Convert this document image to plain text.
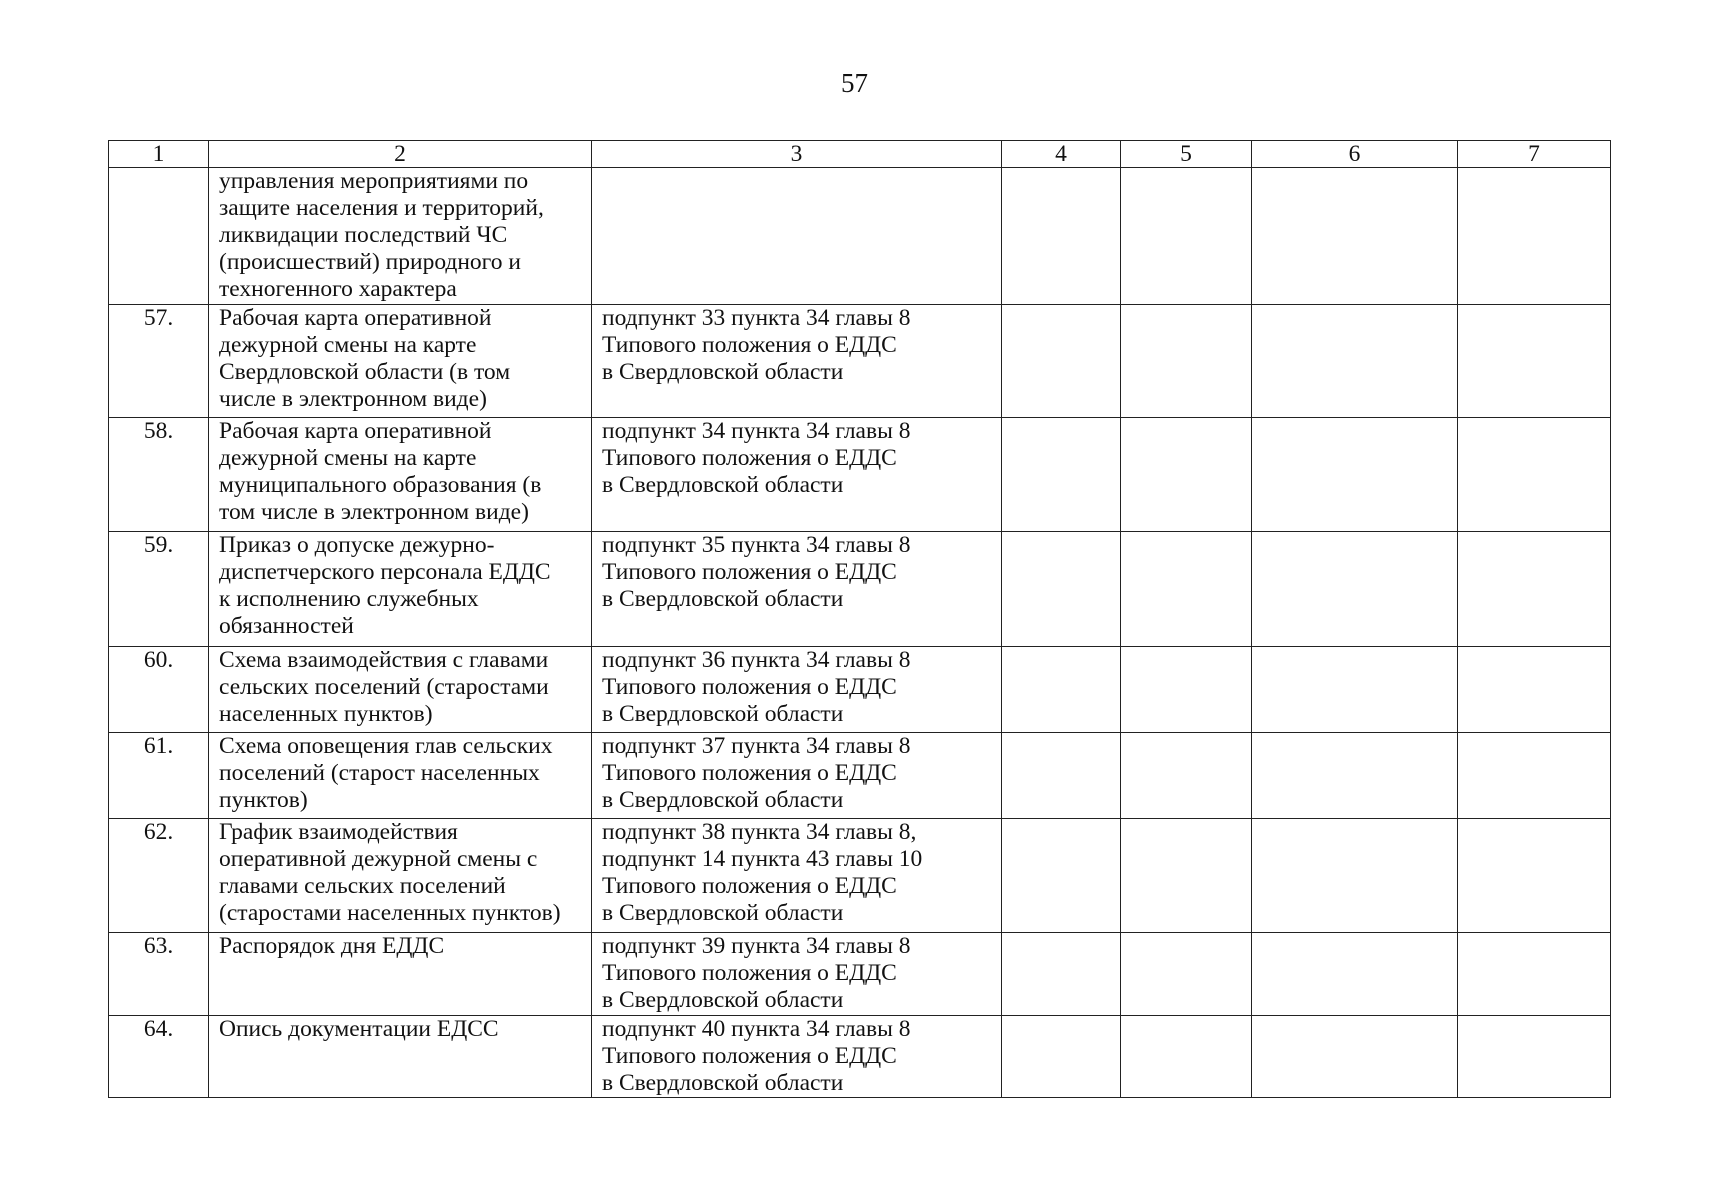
57
1	2	3	4	5	6	7
	управления мероприятиями по
защите населения и территорий,
ликвидации последствий ЧС
(происшествий) природного и
техногенного характера					
57.	Рабочая карта оперативной
дежурной смены на карте
Свердловской области (в том
числе в электронном виде)	подпункт 33 пункта 34 главы 8
Типового положения о ЕДДС
в Свердловской области				
58.	Рабочая карта оперативной
дежурной смены на карте
муниципального образования (в
том числе в электронном виде)	подпункт 34 пункта 34 главы 8
Типового положения о ЕДДС
в Свердловской области				
59.	Приказ о допуске дежурно-
диспетчерского персонала ЕДДС
к исполнению служебных
обязанностей	подпункт 35 пункта 34 главы 8
Типового положения о ЕДДС
в Свердловской области				
60.	Схема взаимодействия с главами
сельских поселений (старостами
населенных пунктов)	подпункт 36 пункта 34 главы 8
Типового положения о ЕДДС
в Свердловской области				
61.	Схема оповещения глав сельских
поселений (старост населенных
пунктов)	подпункт 37 пункта 34 главы 8
Типового положения о ЕДДС
в Свердловской области				
62.	График взаимодействия
оперативной дежурной смены с
главами сельских поселений
(старостами населенных пунктов)	подпункт 38 пункта 34 главы 8,
подпункт 14 пункта 43 главы 10
Типового положения о ЕДДС
в Свердловской области				
63.	Распорядок дня ЕДДС	подпункт 39 пункта 34 главы 8
Типового положения о ЕДДС
в Свердловской области				
64.	Опись документации ЕДСС	подпункт 40 пункта 34 главы 8
Типового положения о ЕДДС
в Свердловской области				
